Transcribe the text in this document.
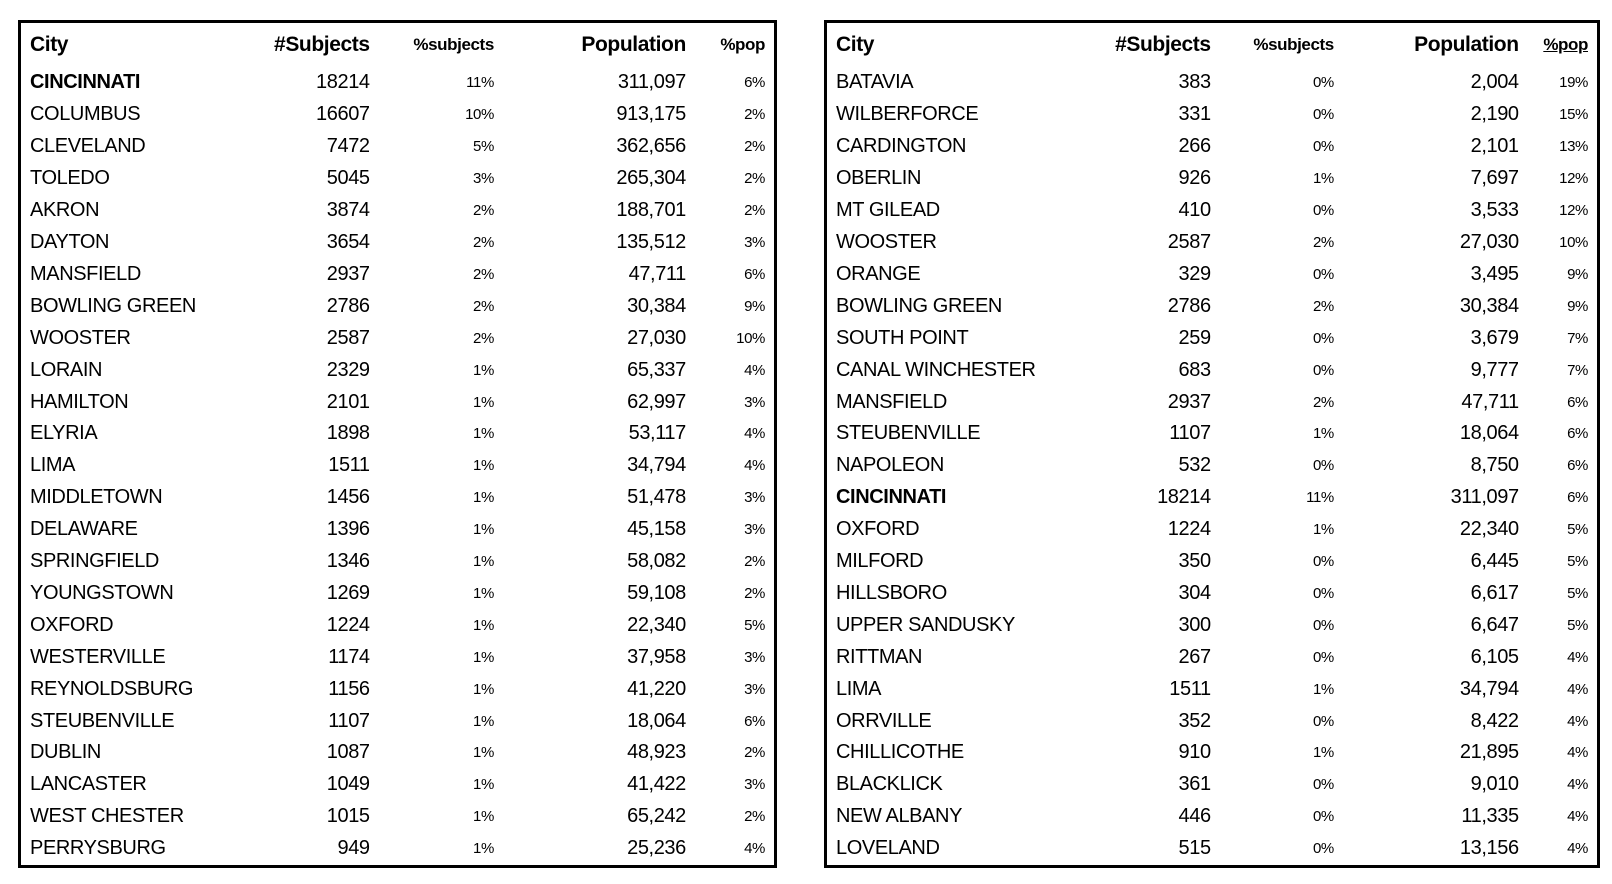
City	#Subjects	%subjects	Population	%pop
CINCINNATI	18214	11%	311,097	6%
COLUMBUS	16607	10%	913,175	2%
CLEVELAND	7472	5%	362,656	2%
TOLEDO	5045	3%	265,304	2%
AKRON	3874	2%	188,701	2%
DAYTON	3654	2%	135,512	3%
MANSFIELD	2937	2%	47,711	6%
BOWLING GREEN	2786	2%	30,384	9%
WOOSTER	2587	2%	27,030	10%
LORAIN	2329	1%	65,337	4%
HAMILTON	2101	1%	62,997	3%
ELYRIA	1898	1%	53,117	4%
LIMA	1511	1%	34,794	4%
MIDDLETOWN	1456	1%	51,478	3%
DELAWARE	1396	1%	45,158	3%
SPRINGFIELD	1346	1%	58,082	2%
YOUNGSTOWN	1269	1%	59,108	2%
OXFORD	1224	1%	22,340	5%
WESTERVILLE	1174	1%	37,958	3%
REYNOLDSBURG	1156	1%	41,220	3%
STEUBENVILLE	1107	1%	18,064	6%
DUBLIN	1087	1%	48,923	2%
LANCASTER	1049	1%	41,422	3%
WEST CHESTER	1015	1%	65,242	2%
PERRYSBURG	949	1%	25,236	4%
City	#Subjects	%subjects	Population	%pop
BATAVIA	383	0%	2,004	19%
WILBERFORCE	331	0%	2,190	15%
CARDINGTON	266	0%	2,101	13%
OBERLIN	926	1%	7,697	12%
MT GILEAD	410	0%	3,533	12%
WOOSTER	2587	2%	27,030	10%
ORANGE	329	0%	3,495	9%
BOWLING GREEN	2786	2%	30,384	9%
SOUTH POINT	259	0%	3,679	7%
CANAL WINCHESTER	683	0%	9,777	7%
MANSFIELD	2937	2%	47,711	6%
STEUBENVILLE	1107	1%	18,064	6%
NAPOLEON	532	0%	8,750	6%
CINCINNATI	18214	11%	311,097	6%
OXFORD	1224	1%	22,340	5%
MILFORD	350	0%	6,445	5%
HILLSBORO	304	0%	6,617	5%
UPPER SANDUSKY	300	0%	6,647	5%
RITTMAN	267	0%	6,105	4%
LIMA	1511	1%	34,794	4%
ORRVILLE	352	0%	8,422	4%
CHILLICOTHE	910	1%	21,895	4%
BLACKLICK	361	0%	9,010	4%
NEW ALBANY	446	0%	11,335	4%
LOVELAND	515	0%	13,156	4%
